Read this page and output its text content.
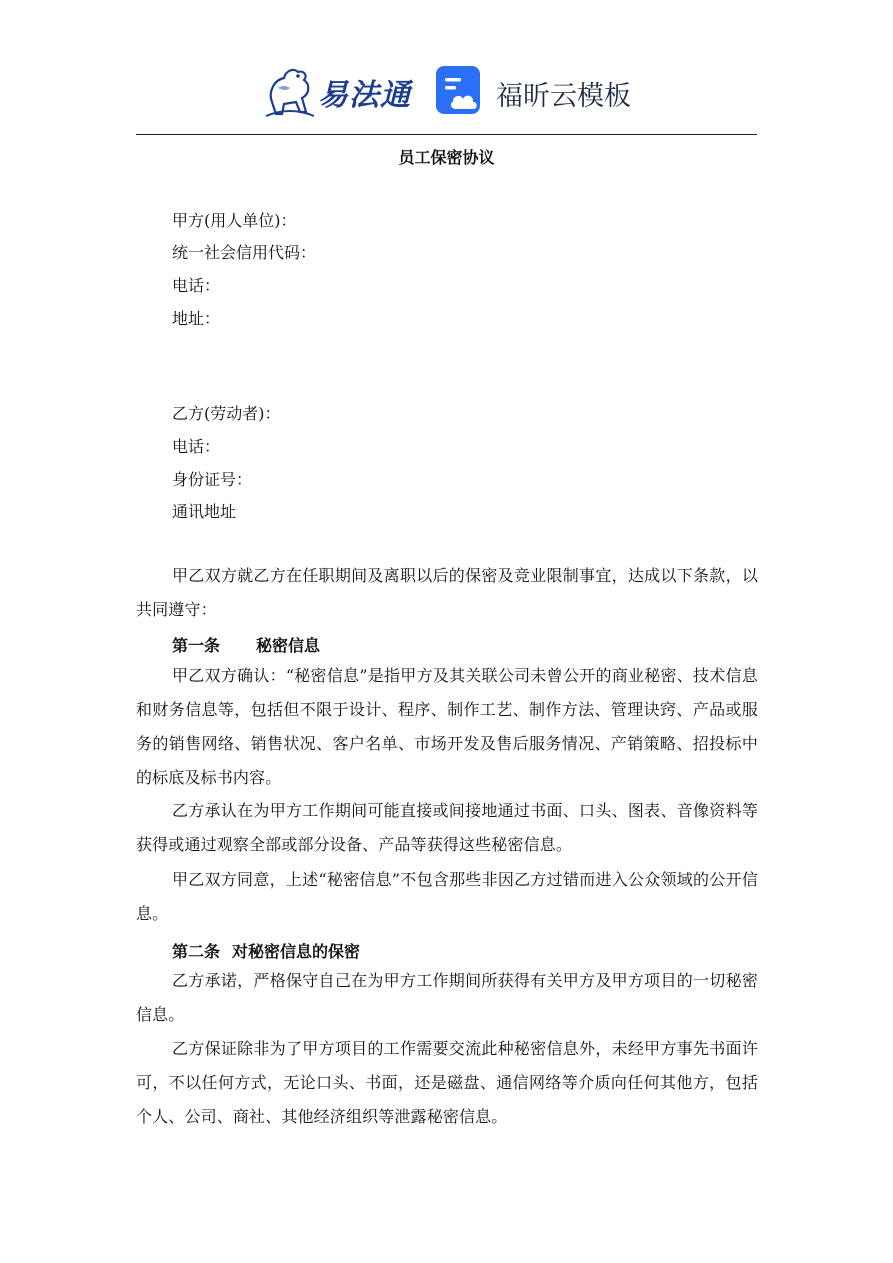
易法通	福昕云模板
员工保密协议
甲方(用人单位)：
统一社会信用代码：
电话：
地址：
乙方(劳动者)：
电话：
身份证号：
通讯地址
甲乙双方就乙方在任职期间及离职以后的保密及竞业限制事宜，达成以下条款，以共同遵守：
第一条 秘密信息
甲乙双方确认：“秘密信息”是指甲方及其关联公司未曾公开的商业秘密、技术信息和财务信息等，包括但不限于设计、程序、制作工艺、制作方法、管理诀窍、产品或服务的销售网络、销售状况、客户名单、市场开发及售后服务情况、产销策略、招投标中的标底及标书内容。
乙方承认在为甲方工作期间可能直接或间接地通过书面、口头、图表、音像资料等获得或通过观察全部或部分设备、产品等获得这些秘密信息。
甲乙双方同意，上述“秘密信息”不包含那些非因乙方过错而进入公众领域的公开信息。
第二条 对秘密信息的保密
乙方承诺，严格保守自己在为甲方工作期间所获得有关甲方及甲方项目的一切秘密信息。
乙方保证除非为了甲方项目的工作需要交流此种秘密信息外，未经甲方事先书面许可，不以任何方式，无论口头、书面，还是磁盘、通信网络等介质向任何其他方，包括个人、公司、商社、其他经济组织等泄露秘密信息。
